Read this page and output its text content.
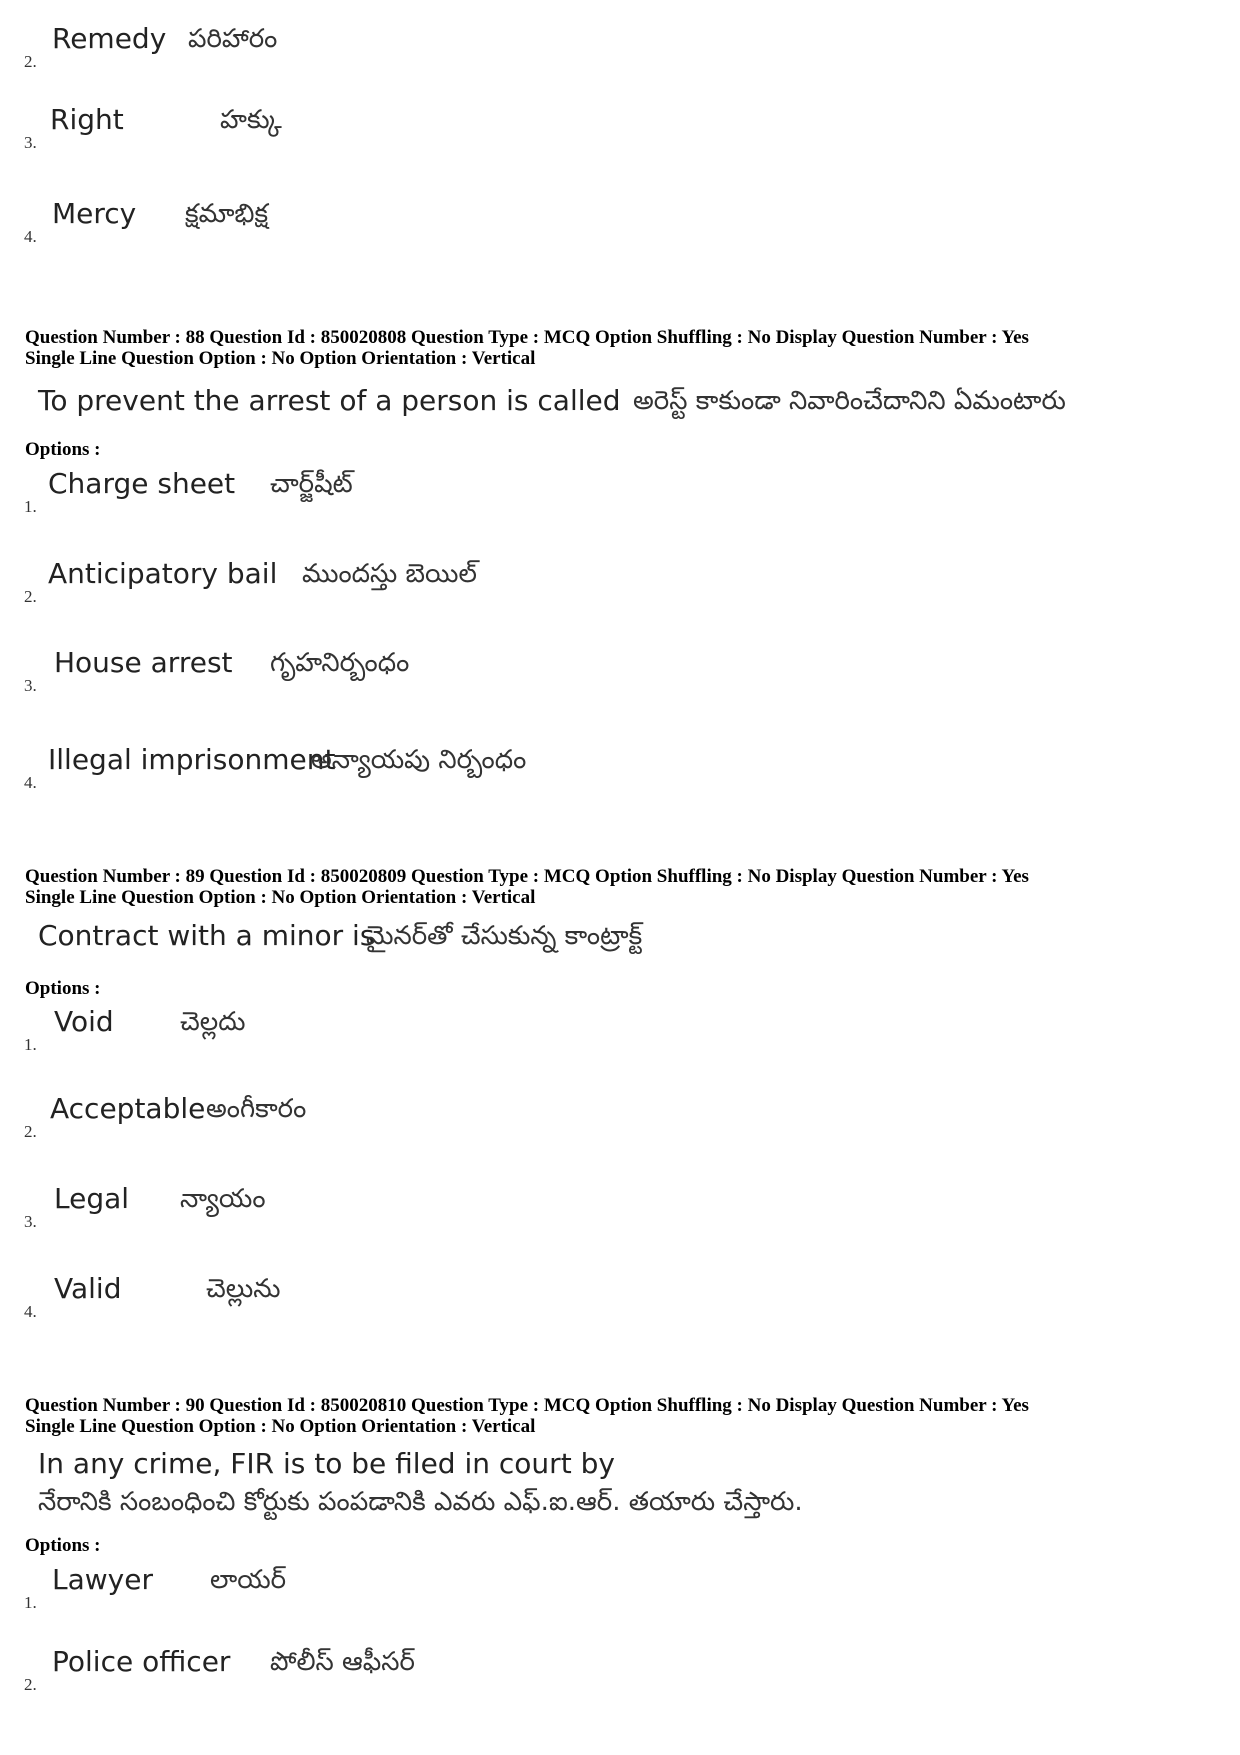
2.
Remedy పరిహారం
3.
Right	హక్కు
4.
Mercy క్షమాభిక్ష
Question Number : 88 Question Id : 850020808 Question Type : MCQ Option Shuffling : No Display Question Number : Yes
Single Line Question Option : No Option Orientation : Vertical
To prevent the arrest of a person is called అరెస్ట్ కాకుండా నివారించేదానిని ఏమంటారు
Options :
1.
Charge sheet చార్జ్‌షీట్
2.
Anticipatory bail ముందస్తు బెయిల్
3.
House arrest గృహనిర్బంధం
4.
Illegal imprisonment
అన్యాయపు నిర్బంధం
Question Number : 89 Question Id : 850020809 Question Type : MCQ Option Shuffling : No Display Question Number : Yes
Single Line Question Option : No Option Orientation : Vertical
Contract with a minor is
మైనర్‌తో చేసుకున్న కాంట్రాక్ట్
Options :
1.
Void	చెల్లదు
2.
Acceptable అంగీకారం
3.
Legal న్యాయం
4.
Valid	చెల్లును
Question Number : 90 Question Id : 850020810 Question Type : MCQ Option Shuffling : No Display Question Number : Yes
Single Line Question Option : No Option Orientation : Vertical
In any crime, FIR is to be filed in court by
నేరానికి సంబంధించి కోర్టుకు పంపడానికి ఎవరు ఎఫ్.ఐ.ఆర్. తయారు చేస్తారు.
Options :
1.
Lawyer లాయర్
2.
Police officer పోలీస్ ఆఫీసర్
